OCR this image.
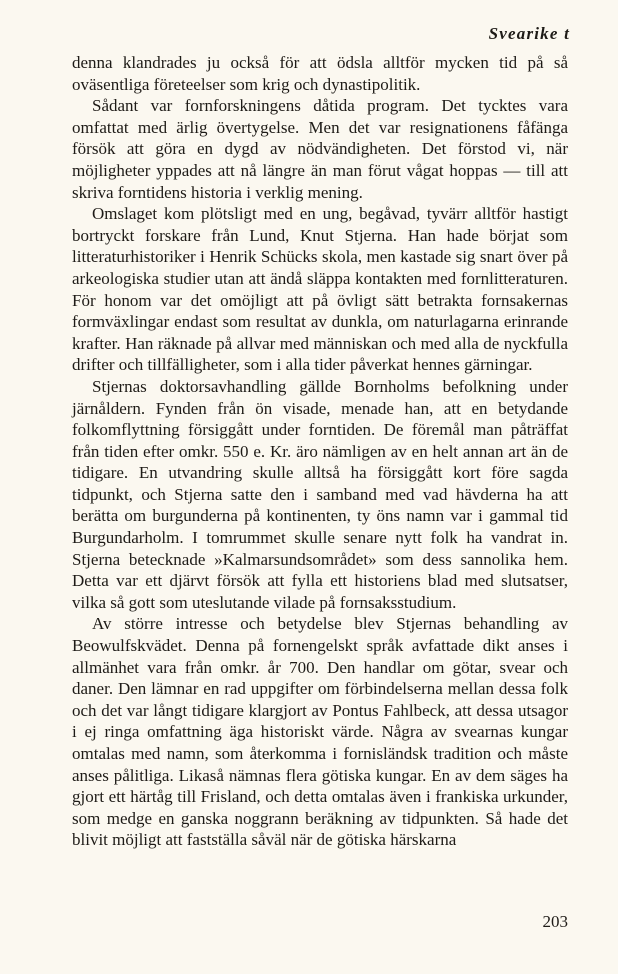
Svearike t

denna klandrades ju också för att ödsla alltför mycken tid på så oväsentliga företeelser som krig och dynastipolitik.

Sådant var fornforskningens dåtida program. Det tycktes vara omfattat med ärlig övertygelse. Men det var resignationens fåfänga försök att göra en dygd av nödvändigheten. Det förstod vi, när möjligheter yppades att nå längre än man förut vågat hoppas — till att skriva forntidens historia i verklig mening.

Omslaget kom plötsligt med en ung, begåvad, tyvärr alltför hastigt bortryckt forskare från Lund, Knut Stjerna. Han hade börjat som litteraturhistoriker i Henrik Schücks skola, men kastade sig snart över på arkeologiska studier utan att ändå släppa kontakten med fornlitteraturen. För honom var det omöjligt att på övligt sätt betrakta fornsakernas formväxlingar endast som resultat av dunkla, om naturlagarna erinrande krafter. Han räknade på allvar med människan och med alla de nyckfulla drifter och tillfälligheter, som i alla tider påverkat hennes gärningar.

Stjernas doktorsavhandling gällde Bornholms befolkning under järnåldern. Fynden från ön visade, menade han, att en betydande folkomflyttning försiggått under forntiden. De föremål man påträffat från tiden efter omkr. 550 e. Kr. äro nämligen av en helt annan art än de tidigare. En utvandring skulle alltså ha försiggått kort före sagda tidpunkt, och Stjerna satte den i samband med vad hävderna ha att berätta om burgunderna på kontinenten, ty öns namn var i gammal tid Burgundarholm. I tomrummet skulle senare nytt folk ha vandrat in. Stjerna betecknade »Kalmarsundsområdet» som dess sannolika hem. Detta var ett djärvt försök att fylla ett historiens blad med slutsatser, vilka så gott som uteslutande vilade på fornsaksstudium.

Av större intresse och betydelse blev Stjernas behandling av Beowulfskvädet. Denna på fornengelskt språk avfattade dikt anses i allmänhet vara från omkr. år 700. Den handlar om götar, svear och daner. Den lämnar en rad uppgifter om förbindelserna mellan dessa folk och det var långt tidigare klargjort av Pontus Fahlbeck, att dessa utsagor i ej ringa omfattning äga historiskt värde. Några av svearnas kungar omtalas med namn, som återkomma i fornisländsk tradition och måste anses pålitliga. Likaså nämnas flera götiska kungar. En av dem säges ha gjort ett härtåg till Frisland, och detta omtalas även i frankiska urkunder, som medge en ganska noggrann beräkning av tidpunkten. Så hade det blivit möjligt att fastställa såväl när de götiska härskarna

203
